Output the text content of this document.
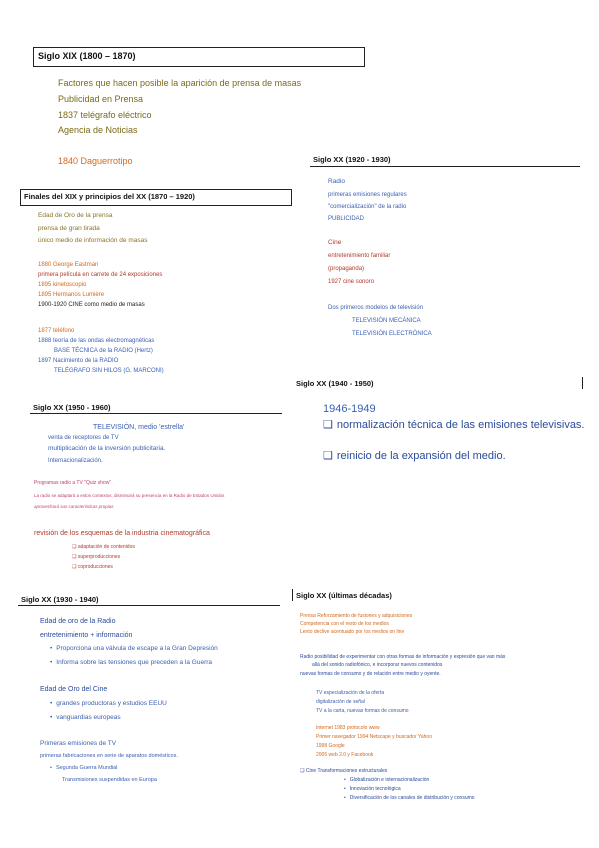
Siglo XIX (1800 – 1870)
Factores que hacen posible la aparición de prensa de masas
Publicidad en Prensa
1837 telégrafo eléctrico
Agencia de Noticias
1840 Daguerrotipo
Finales del XIX y principios del XX (1870 – 1920)
Edad de Oro de la prensa
prensa de gran tirada
único medio de información de masas
1880 George Eastman
primera película en carrete de 24 exposiciones
1895 kinetoscopio
1895 Hermanos Lumière
1900-1920 CINE como medio de masas
1877 teléfono
1888 teoría de las ondas electromagnéticas
BASE TÉCNICA de la RADIO (Hertz)
1897 Nacimiento de la RADIO
TELÉGRAFO SIN HILOS (G. MARCONI)
Siglo XX (1920 - 1930)
Radio
primeras emisiones regulares
"comercialización" de la radio
PUBLICIDAD
Cine
entretenimiento familiar
(propaganda)
1927 cine sonoro
Dos primeros modelos de televisión
TELEVISIÓN MECÁNICA
TELEVISIÓN ELECTRÓNICA
Siglo XX (1940 - 1950)
1946-1949
❑ normalización técnica de las emisiones televisivas.
❑ reinicio de la expansión del medio.
Siglo XX (1950 - 1960)
TELEVISIÓN, medio 'estrella'
venta de receptores de TV
multiplicación de la inversión publicitaria.
Internacionalización.
Programas radio a TV "Quiz show"
La radio se adaptará a estos contextos, disminuirá su presencia en la Radio de Estados Unidos
aprovechará sus características propias
revisión de los esquemas de la industria cinematográfica
❑ adaptación de contenidos
❑ superproducciones
❑ coproducciones
Siglo XX (1930 - 1940)
Edad de oro de la Radio
entretenimiento + información
• Proporciona una válvula de escape a la Gran Depresión
• Informa sobre las tensiones que preceden a la Guerra
Edad de Oro del Cine
• grandes productoras y estudios EEUU
• vanguardias europeas
Primeras emisiones de TV
primeras fabricaciones en serie de aparatos domésticos.
• Segunda Guerra Mundial
Transmisiones suspendidas en Europa
Siglo XX (últimas décadas)
Prensa Reforzamiento de fusiones y adquisiciones
Competencia con el resto de los medios
Lento declive acentuado por los medios on line
Radio posibilidad de experimentar con otras formas de información y expresión que van más
allá del sonido radiofónico, e incorporar nuevos contenidos
nuevas formas de consumo y de relación entre medio y oyente.
TV especialización de la oferta
digitalización de señal
TV a la carta, nuevas formas de consumo
Internet 1983 protocolo www
Primer navegador 1994 Netscape y buscador Yahoo
1998 Google
2005 web 2.0 y Facebook
❑ Cine Transformaciones estructurales
• Globalización e internacionalización
• Innovación tecnológica
• Diversificación de los canales de distribución y consumo
